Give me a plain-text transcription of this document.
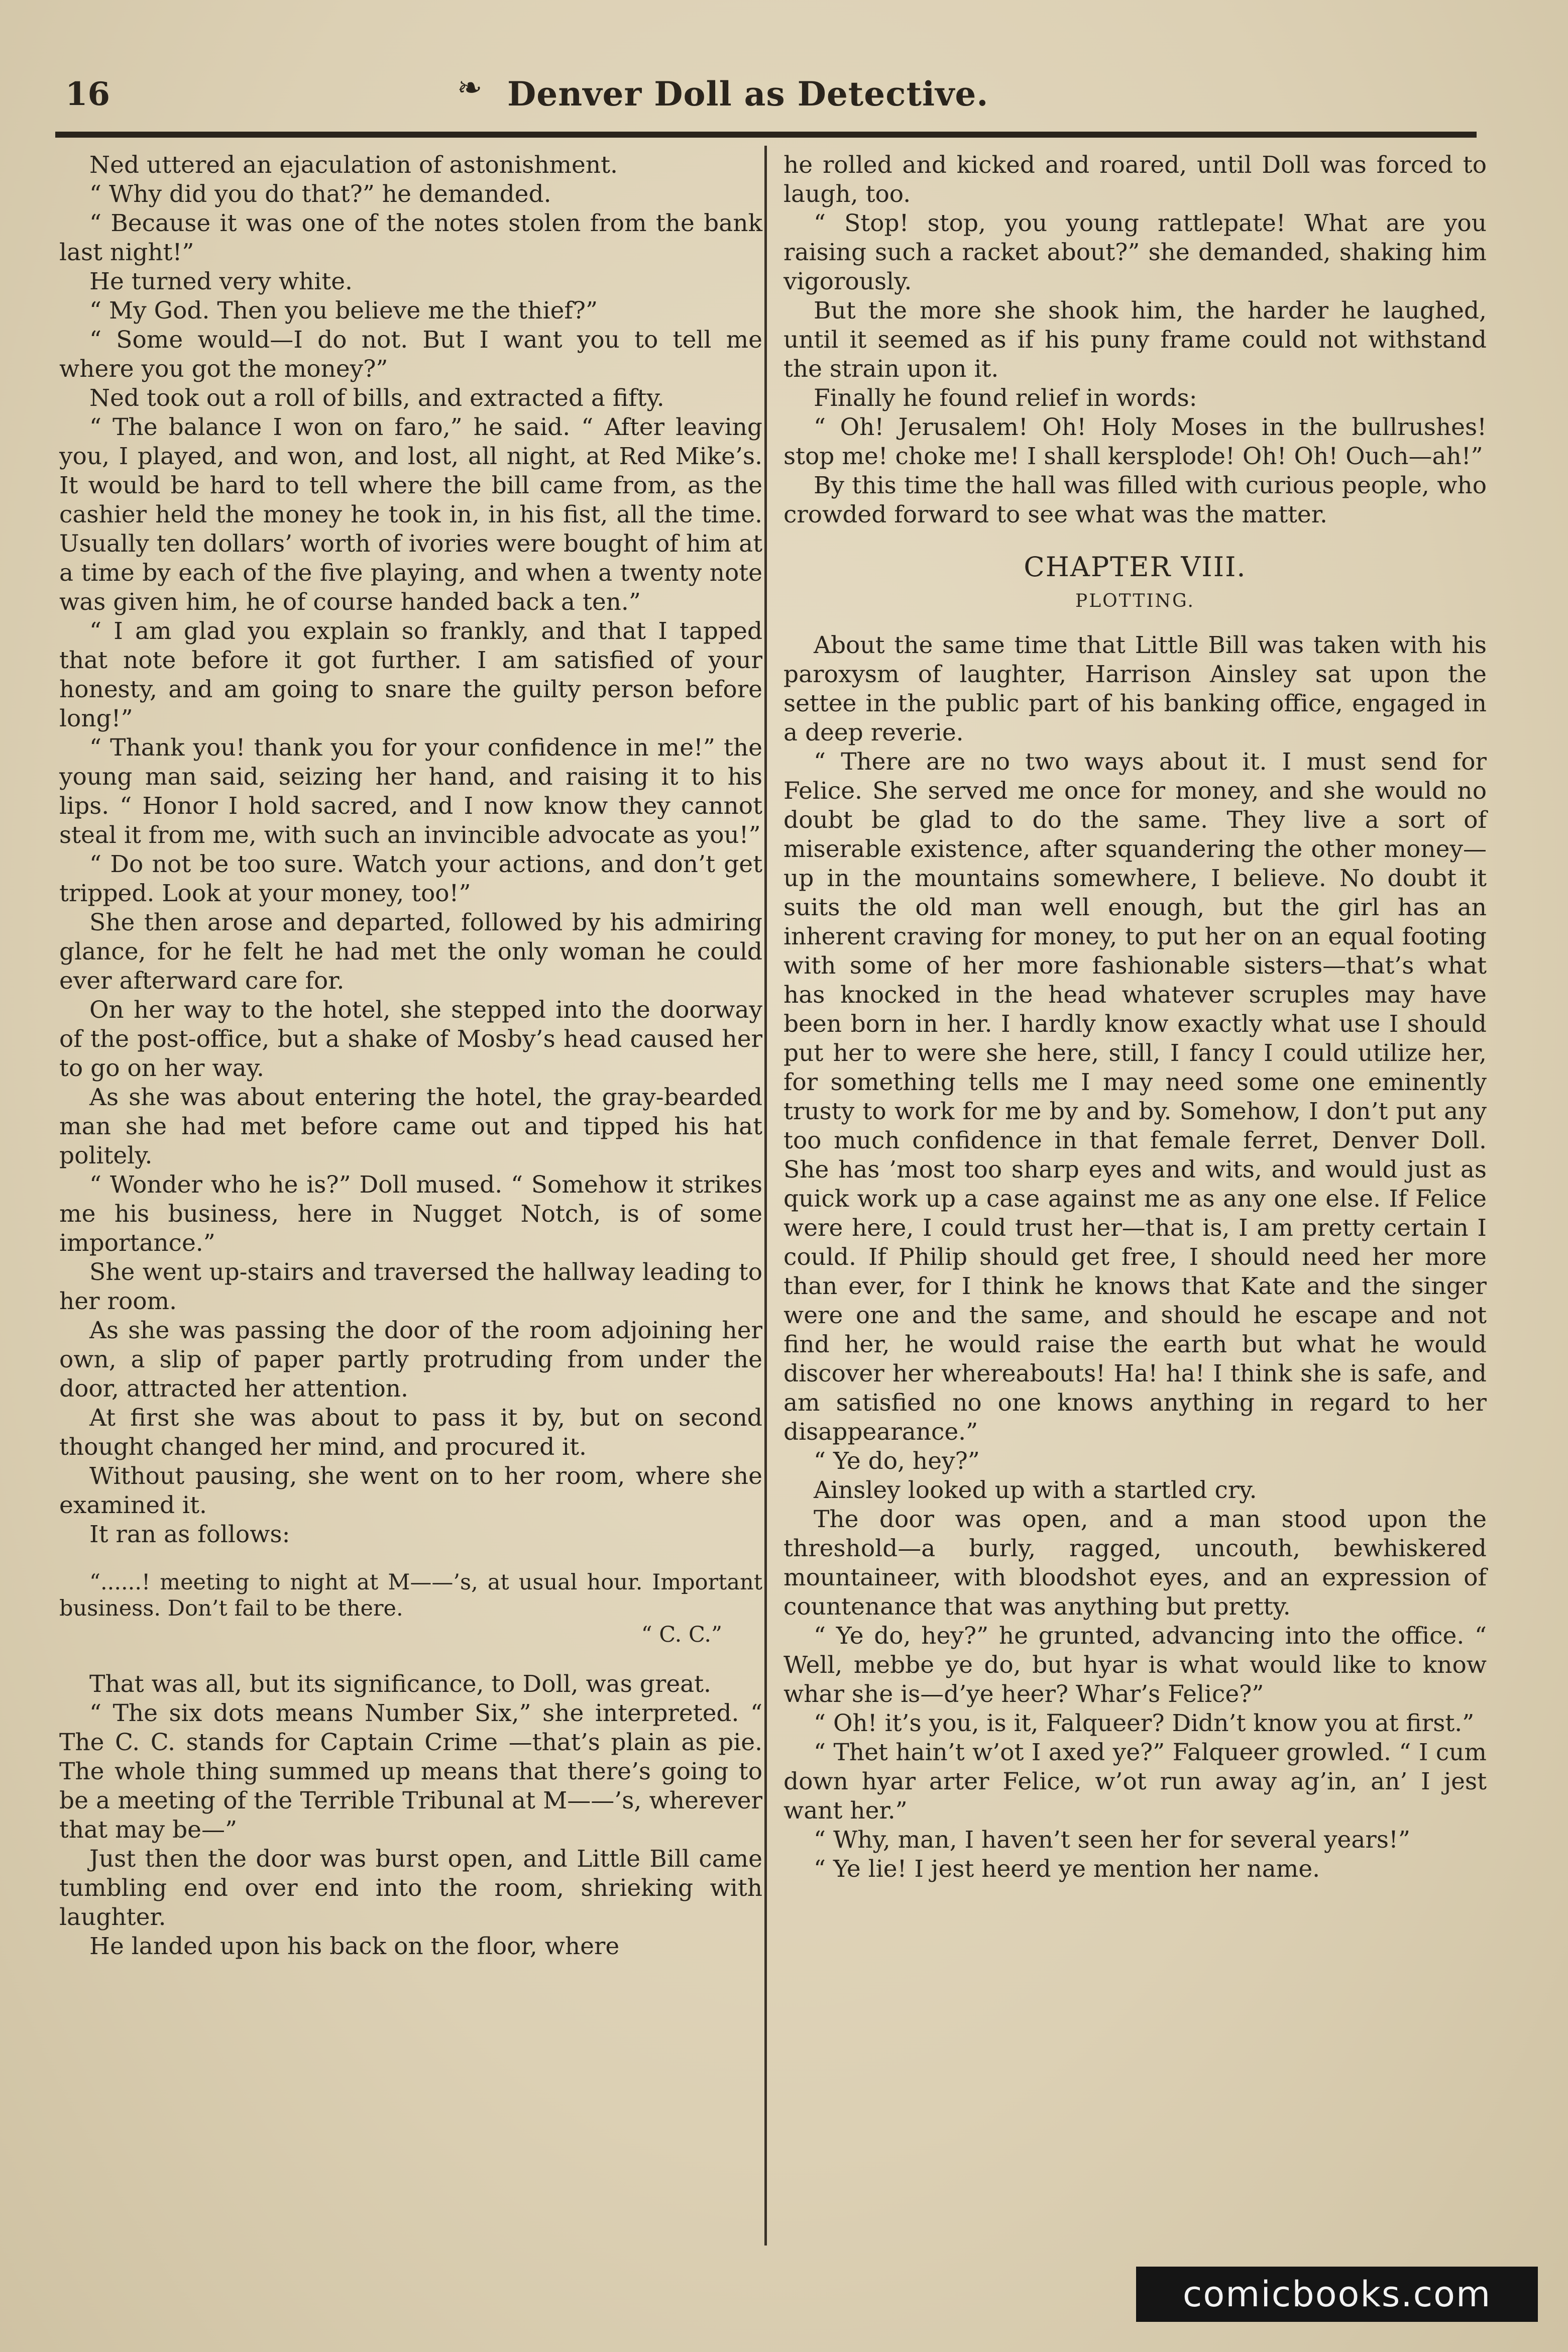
16	❧ Denver Doll as Detective.

Ned uttered an ejaculation of astonishment.

“ Why did you do that?” he demanded.

“ Because it was one of the notes stolen from the bank last night!”

He turned very white.

“ My God. Then you believe me the thief?”

“ Some would—I do not. But I want you to tell me where you got the money?”

Ned took out a roll of bills, and extracted a fifty.

“ The balance I won on faro,” he said. “ After leaving you, I played, and won, and lost, all night, at Red Mike’s. It would be hard to tell where the bill came from, as the cashier held the money he took in, in his fist, all the time. Usually ten dollars’ worth of ivories were bought of him at a time by each of the five playing, and when a twenty note was given him, he of course handed back a ten.”

“ I am glad you explain so frankly, and that I tapped that note before it got further. I am satisfied of your honesty, and am going to snare the guilty person before long!”

“ Thank you! thank you for your confidence in me!” the young man said, seizing her hand, and raising it to his lips. “ Honor I hold sacred, and I now know they cannot steal it from me, with such an invincible advocate as you!”

“ Do not be too sure. Watch your actions, and don’t get tripped. Look at your money, too!”

She then arose and departed, followed by his admiring glance, for he felt he had met the only woman he could ever afterward care for.

On her way to the hotel, she stepped into the doorway of the post-office, but a shake of Mosby’s head caused her to go on her way.

As she was about entering the hotel, the gray-bearded man she had met before came out and tipped his hat politely.

“ Wonder who he is?” Doll mused. “ Somehow it strikes me his business, here in Nugget Notch, is of some importance.”

She went up-stairs and traversed the hallway leading to her room.

As she was passing the door of the room adjoining her own, a slip of paper partly protruding from under the door, attracted her attention.

At first she was about to pass it by, but on second thought changed her mind, and procured it.

Without pausing, she went on to her room, where she examined it.

It ran as follows:

“......! meeting to night at M——’s, at usual hour. Important business. Don’t fail to be there.
“ C. C.”

That was all, but its significance, to Doll, was great.

“ The six dots means Number Six,” she interpreted. “ The C. C. stands for Captain Crime —that’s plain as pie. The whole thing summed up means that there’s going to be a meeting of the Terrible Tribunal at M——’s, wherever that may be—”

Just then the door was burst open, and Little Bill came tumbling end over end into the room, shrieking with laughter.

He landed upon his back on the floor, where

he rolled and kicked and roared, until Doll was forced to laugh, too.

“ Stop! stop, you young rattlepate! What are you raising such a racket about?” she demanded, shaking him vigorously.

But the more she shook him, the harder he laughed, until it seemed as if his puny frame could not withstand the strain upon it.

Finally he found relief in words:

“ Oh! Jerusalem! Oh! Holy Moses in the bullrushes! stop me! choke me! I shall kersplode! Oh! Oh! Ouch—ah!”

By this time the hall was filled with curious people, who crowded forward to see what was the matter.

CHAPTER VIII.
PLOTTING.

About the same time that Little Bill was taken with his paroxysm of laughter, Harrison Ainsley sat upon the settee in the public part of his banking office, engaged in a deep reverie.

“ There are no two ways about it. I must send for Felice. She served me once for money, and she would no doubt be glad to do the same. They live a sort of miserable existence, after squandering the other money—up in the mountains somewhere, I believe. No doubt it suits the old man well enough, but the girl has an inherent craving for money, to put her on an equal footing with some of her more fashionable sisters—that’s what has knocked in the head whatever scruples may have been born in her. I hardly know exactly what use I should put her to were she here, still, I fancy I could utilize her, for something tells me I may need some one eminently trusty to work for me by and by. Somehow, I don’t put any too much confidence in that female ferret, Denver Doll. She has ’most too sharp eyes and wits, and would just as quick work up a case against me as any one else. If Felice were here, I could trust her—that is, I am pretty certain I could. If Philip should get free, I should need her more than ever, for I think he knows that Kate and the singer were one and the same, and should he escape and not find her, he would raise the earth but what he would discover her whereabouts! Ha! ha! I think she is safe, and am satisfied no one knows anything in regard to her disappearance.”

“ Ye do, hey?”

Ainsley looked up with a startled cry.

The door was open, and a man stood upon the threshold—a burly, ragged, uncouth, bewhiskered mountaineer, with bloodshot eyes, and an expression of countenance that was anything but pretty.

“ Ye do, hey?” he grunted, advancing into the office. “ Well, mebbe ye do, but hyar is what would like to know whar she is—d’ye heer? Whar’s Felice?”

“ Oh! it’s you, is it, Falqueer? Didn’t know you at first.”

“ Thet hain’t w’ot I axed ye?” Falqueer growled. “ I cum down hyar arter Felice, w’ot run away ag’in, an’ I jest want her.”

“ Why, man, I haven’t seen her for several years!”

“ Ye lie! I jest heerd ye mention her name.

comicbooks.com
